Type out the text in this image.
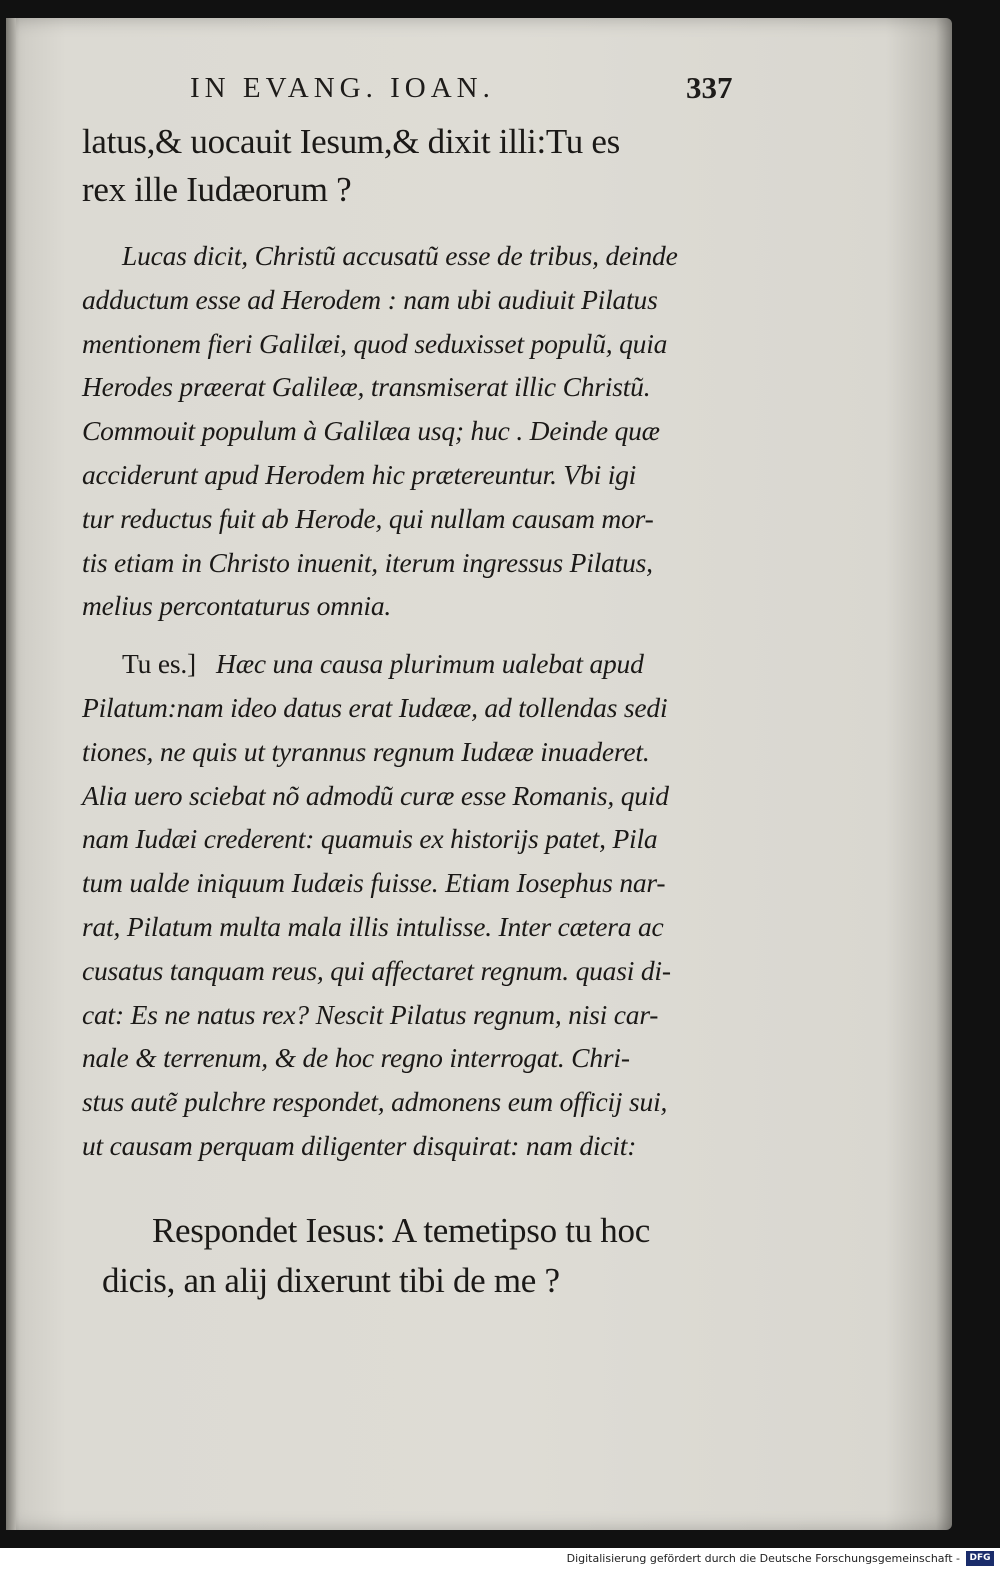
IN EVANG. IOAN.	337

latus,& uocauit Iesum,& dixit illi:Tu es
rex ille Iudæorum ?

Lucas dicit, Christũ accusatũ esse de tribus, deinde
adductum esse ad Herodem : nam ubi audiuit Pilatus
mentionem fieri Galilæi, quod seduxisset populũ, quia
Herodes præerat Galileæ, transmiserat illic Christũ.
Commouit populum à Galilæa usq; huc . Deinde quæ
acciderunt apud Herodem hic prætereuntur. Vbi igi
tur reductus fuit ab Herode, qui nullam causam mor-
tis etiam in Christo inuenit, iterum ingressus Pilatus,
melius percontaturus omnia.

Tu es.] Hæc una causa plurimum ualebat apud
Pilatum:nam ideo datus erat Iudææ, ad tollendas sedi
tiones, ne quis ut tyrannus regnum Iudææ inuaderet.
Alia uero sciebat nõ admodũ curæ esse Romanis, quid
nam Iudæi crederent: quamuis ex historijs patet, Pila
tum ualde iniquum Iudæis fuisse. Etiam Iosephus nar-
rat, Pilatum multa mala illis intulisse. Inter cætera ac
cusatus tanquam reus, qui affectaret regnum. quasi di-
cat: Es ne natus rex? Nescit Pilatus regnum, nisi car-
nale & terrenum, & de hoc regno interrogat. Chri-
stus autẽ pulchre respondet, admonens eum officij sui,
ut causam perquam diligenter disquirat: nam dicit:

Respondet Iesus: A temetipso tu hoc
dicis, an alij dixerunt tibi de me ?

Digitalisierung gefördert durch die Deutsche Forschungsgemeinschaft -	DFG
